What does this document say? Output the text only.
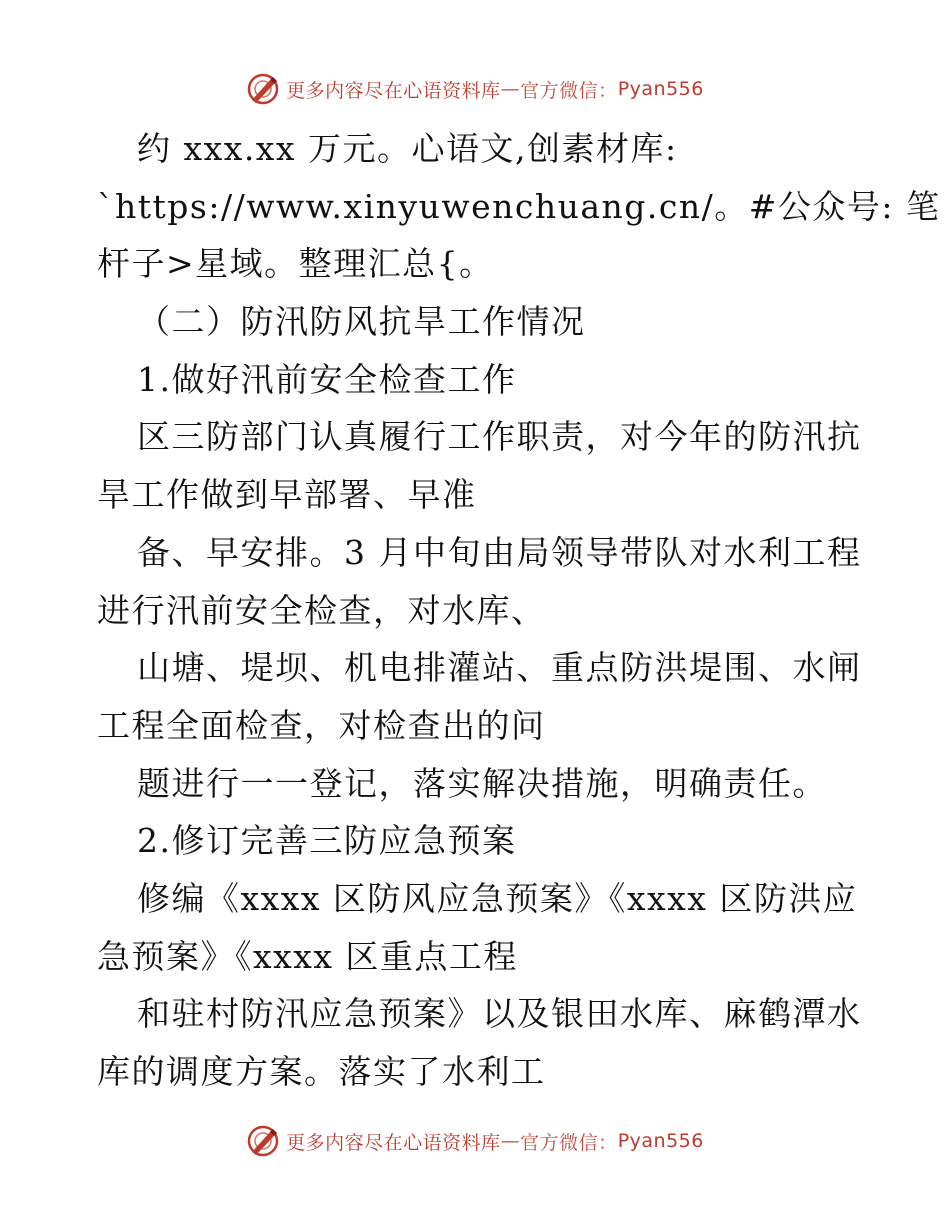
更多内容尽在心语资料库 — 官方微信： Pyan556
约 xxx.xx 万元。心语文,创素材库:
`https://www.xinyuwenchuang.cn/。#公众号: 笔
杆子>星域。整理汇总{。
（二）防汛防风抗旱工作情况
1.做好汛前安全检查工作
区三防部门认真履行工作职责，对今年的防汛抗
旱工作做到早部署、早准
备、早安排。3 月中旬由局领导带队对水利工程
进行汛前安全检查，对水库、
山塘、堤坝、机电排灌站、重点防洪堤围、水闸
工程全面检查，对检查出的问
题进行一一登记，落实解决措施，明确责任。
2.修订完善三防应急预案
修编《xxxx 区防风应急预案》《xxxx 区防洪应
急预案》《xxxx 区重点工程
和驻村防汛应急预案》以及银田水库、麻鹤潭水
库的调度方案。落实了水利工
更多内容尽在心语资料库 — 官方微信： Pyan556
